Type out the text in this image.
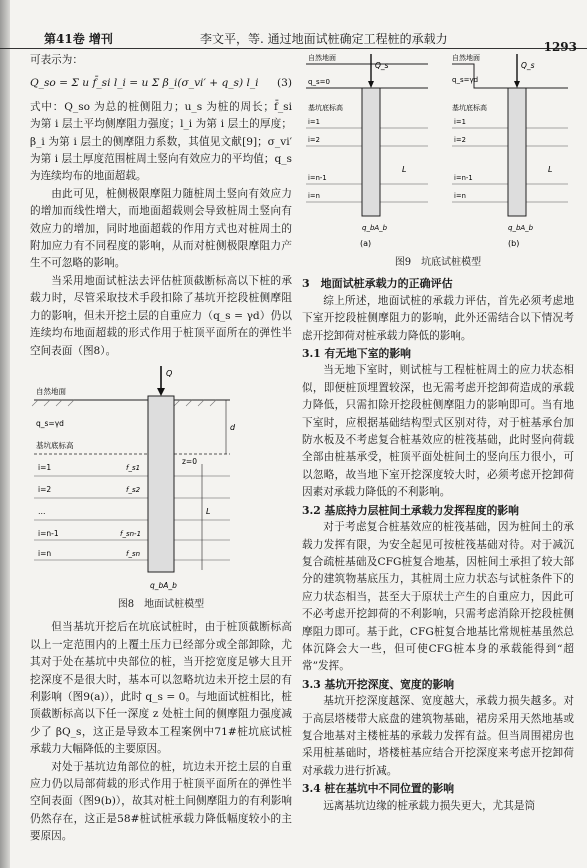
第41卷 增刊	李文平，等. 通过地面试桩确定工程桩的承载力
1293

可表示为：

Q_so = Σ u f̄_si l_i = u Σ β_i(σ_vi′ + q_s) l_i (3)

式中：Q_so 为总的桩侧阻力；u_s 为桩的周长；f̄_si 为第 i 层土平均侧摩阻力强度；l_i 为第 i 层土的厚度；β_i 为第 i 层土的侧摩阻力系数，其值见文献[9]；σ_vi′ 为第 i 层土厚度范围桩周土竖向有效应力的平均值；q_s 为连续均布的地面超载。

由此可见，桩侧极限摩阻力随桩周土竖向有效应力的增加而线性增大，而地面超载则会导致桩周土竖向有效应力的增加，同时地面超载的作用方式也对桩周土的附加应力有不同程度的影响，从而对桩侧极限摩阻力产生不可忽略的影响。

当采用地面试桩法去评估桩顶截断标高以下桩的承载力时，尽管采取技术手段扣除了基坑开挖段桩侧摩阻力的影响，但未开挖土层的自重应力（q_s = γd）仍以连续均布地面超载的形式作用于桩顶平面所在的弹性半空间表面（图8）。

自然地面
q_s=γd
基坑底标高
z=0
Q
i=1
i=2
…
i=n-1
i=n
f_s1
f_s2
f_sn-1
f_sn
d
L
q_bA_b
图8　地面试桩模型

但当基坑开挖后在坑底试桩时，由于桩顶截断标高以上一定范围内的上覆土压力已经部分或全部卸除，尤其对于处在基坑中央部位的桩，当开挖宽度足够大且开挖深度不是很大时，基本可以忽略坑边未开挖土层的有利影响（图9(a)），此时 q_s = 0。与地面试桩相比，桩顶截断标高以下任一深度 z 处桩土间的侧摩阻力强度减少了 βQ_s，这正是导致本工程案例中71#桩坑底试桩承载力大幅降低的主要原因。

对处于基坑边角部位的桩，坑边未开挖土层的自重应力仍以局部荷载的形式作用于桩顶平面所在的弹性半空间表面（图9(b)），故其对桩土间侧摩阻力的有利影响仍然存在，这正是58#桩试桩承载力降低幅度较小的主要原因。

自然地面
q_s=0
基坑底标高
Q_s
i=1
i=2
i=n-1
i=n
L
q_bA_b
(a)
自然地面
q_s=γd
基坑底标高
Q_s
i=1
i=2
i=n-1
i=n
L
q_bA_b
(b)
图9　坑底试桩模型

3　地面试桩承载力的正确评估

综上所述，地面试桩的承载力评估，首先必须考虑地下室开挖段桩侧摩阻力的影响，此外还需结合以下情况考虑开挖卸荷对桩承载力降低的影响。

3.1 有无地下室的影响

当无地下室时，则试桩与工程桩桩周土的应力状态相似，即便桩顶埋置较深，也无需考虑开挖卸荷造成的承载力降低，只需扣除开挖段桩侧摩阻力的影响即可。当有地下室时，应根据基础结构型式区别对待，对于桩基承台加防水板及不考虑复合桩基效应的桩筏基础，此时竖向荷载全部由桩基承受，桩顶平面处桩间土的竖向压力很小，可以忽略，故当地下室开挖深度较大时，必须考虑开挖卸荷因素对承载力降低的不利影响。

3.2 基底持力层桩间土承载力发挥程度的影响

对于考虑复合桩基效应的桩筏基础，因为桩间土的承载力发挥有限，为安全起见可按桩筏基础对待。对于减沉复合疏桩基础及CFG桩复合地基，因桩间土承担了较大部分的建筑物基底压力，其桩周土应力状态与试桩条件下的应力状态相当，甚至大于原状土产生的自重应力，因此可不必考虑开挖卸荷的不利影响，只需考虑消除开挖段桩侧摩阻力即可。基于此，CFG桩复合地基比常规桩基虽然总体沉降会大一些，但可使CFG桩本身的承载能得到“超常”发挥。

3.3 基坑开挖深度、宽度的影响

基坑开挖深度越深、宽度越大，承载力损失越多。对于高层塔楼带大底盘的建筑物基础，裙房采用天然地基或复合地基对主楼桩基的承载力发挥有益。但当周围裙房也采用桩基础时，塔楼桩基应结合开挖深度来考虑开挖卸荷对承载力进行折减。

3.4 桩在基坑中不同位置的影响

远离基坑边缘的桩承载力损失更大，尤其是筒
